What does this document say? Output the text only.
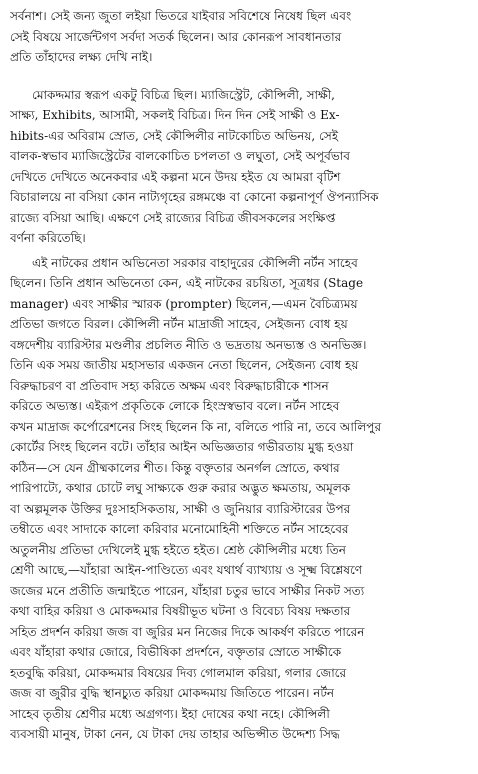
সর্বনাশ। সেই জন্য জুতা লইয়া ভিতরে যাইবার সবিশেষে নিষেধ ছিল এবং
সেই বিষয়ে সার্জেন্টগণ সর্বদা সতর্ক ছিলেন। আর কোনরূপ সাবধানতার
প্রতি তাঁহাদের লক্ষ্য দেখি নাই।
মোকদ্দমার স্বরূপ একটু বিচিত্র ছিল। ম্যাজিস্ট্রেট, কৌন্সিলী, সাক্ষী,
সাক্ষ্য, Exhibits, আসামী, সকলই বিচিত্র। দিন দিন সেই সাক্ষী ও Ex-
hibits-এর অবিরাম স্রোত, সেই কৌন্সিলীর নাটকোচিত অভিনয়, সেই
বালক-স্বভাব ম্যাজিস্ট্রেটের বালকোচিত চপলতা ও লঘুতা, সেই অপূর্বভাব
দেখিতে দেখিতে অনেকবার এই কল্পনা মনে উদয় হইত যে আমরা বৃটিশ
বিচারালয়ে না বসিয়া কোন নাট্যগৃহের রঙ্গমঞ্চে বা কোনো কল্পনাপূর্ণ ঔপন্যাসিক
রাজ্যে বসিয়া আছি। এক্ষণে সেই রাজ্যের বিচিত্র জীবসকলের সংক্ষিপ্ত
বর্ণনা করিতেছি।
এই নাটকের প্রধান অভিনেতা সরকার বাহাদুরের কৌন্সিলী নর্টন সাহেব
ছিলেন। তিনি প্রধান অভিনেতা কেন, এই নাটকের রচয়িতা, সূত্রধর (Stage
manager) এবং সাক্ষীর স্মারক (prompter) ছিলেন,—এমন বৈচিত্র্যময়
প্রতিভা জগতে বিরল। কৌন্সিলী নর্টন মাদ্রাজী সাহেব, সেইজন্য বোধ হয়
বঙ্গদেশীয় ব্যারিস্টার মণ্ডলীর প্রচলিত নীতি ও ভদ্রতায় অনভ্যস্ত ও অনভিজ্ঞ।
তিনি এক সময় জাতীয় মহাসভার একজন নেতা ছিলেন, সেইজন্য বোধ হয়
বিরুদ্ধাচরণ বা প্রতিবাদ সহ্য করিতে অক্ষম এবং বিরুদ্ধাচারীকে শাসন
করিতে অভ্যস্ত। এইরূপ প্রকৃতিকে লোকে হিংস্রস্বভাব বলে। নর্টন সাহেব
কখন মাদ্রাজ কর্পোরেশনের সিংহ ছিলেন কি না, বলিতে পারি না, তবে আলিপুর
কোর্টের সিংহ ছিলেন বটে। তাঁহার আইন অভিজ্ঞতার গভীরতায় মুগ্ধ হওয়া
কঠিন—সে যেন গ্রীষ্মকালের শীত। কিন্তু বক্তৃতার অনর্গল স্রোতে, কথার
পারিপাট্যে, কথার চোটে লঘু সাক্ষ্যকে গুরু করার অদ্ভুত ক্ষমতায়, অমূলক
বা অল্পমূলক উক্তির দুঃসাহসিকতায়, সাক্ষী ও জুনিয়ার ব্যারিস্টারের উপর
তম্বীতে এবং সাদাকে কালো করিবার মনোমোহিনী শক্তিতে নর্টন সাহেবের
অতুলনীয় প্রতিভা দেখিলেই মুগ্ধ হইতে হইত। শ্রেষ্ঠ কৌন্সিলীর মধ্যে তিন
শ্রেণী আছে,—যাঁহারা আইন-পাণ্ডিত্যে এবং যথার্থ ব্যাখ্যায় ও সূক্ষ্ম বিশ্লেষণে
জজের মনে প্রতীতি জন্মাইতে পারেন, যাঁহারা চতুর ভাবে সাক্ষীর নিকট সত্য
কথা বাহির করিয়া ও মোকদ্দমার বিষয়ীভূত ঘটনা ও বিবেচ্য বিষয় দক্ষতার
সহিত প্রদর্শন করিয়া জজ বা জুরির মন নিজের দিকে আকর্ষণ করিতে পারেন
এবং যাঁহারা কথার জোরে, বিভীষিকা প্রদর্শনে, বক্তৃতার স্রোতে সাক্ষীকে
হতবুদ্ধি করিয়া, মোকদ্দমার বিষয়ের দিব্য গোলমাল করিয়া, গলার জোরে
জজ বা জুরীর বুদ্ধি স্থানচ্যুত করিয়া মোকদ্দমায় জিতিতে পারেন। নর্টন
সাহেব তৃতীয় শ্রেণীর মধ্যে অগ্রগণ্য। ইহা দোষের কথা নহে। কৌন্সিলী
ব্যবসায়ী মানুষ, টাকা নেন, যে টাকা দেয় তাহার অভিপ্সীত উদ্দেশ্য সিদ্ধ
